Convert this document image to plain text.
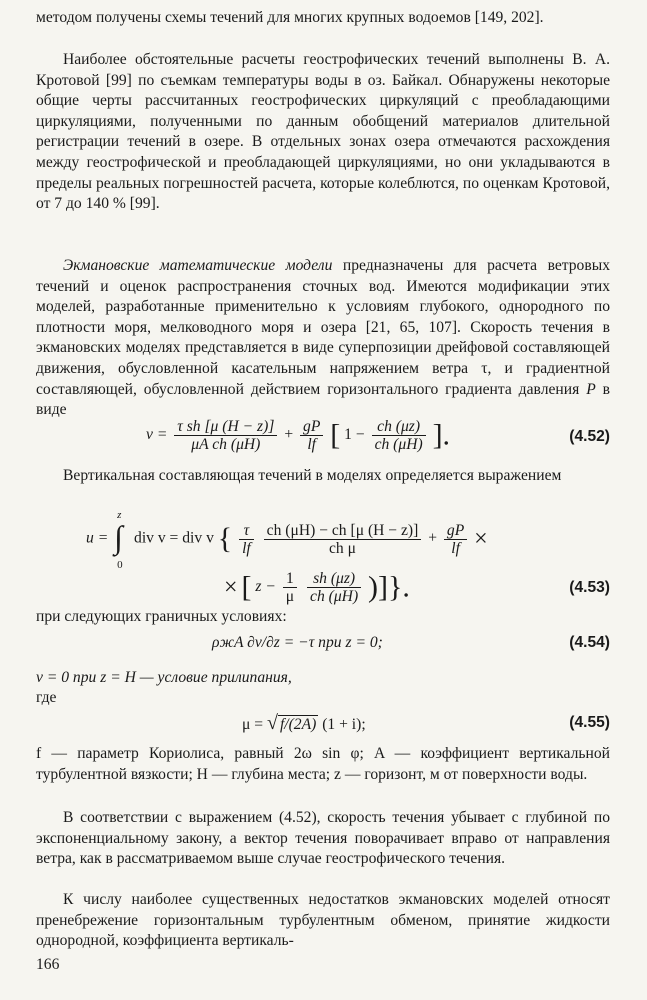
методом получены схемы течений для многих крупных водоемов [149, 202].

Наиболее обстоятельные расчеты геострофических течений выполнены В. А. Кротовой [99] по съемкам температуры воды в оз. Байкал. Обнаружены некоторые общие черты рассчитанных геострофических циркуляций с преобладающими циркуляциями, полученными по данным обобщений материалов длительной регистрации течений в озере. В отдельных зонах озера отмечаются расхождения между геострофической и преобладающей циркуляциями, но они укладываются в пределы реальных погрешностей расчета, которые колеблются, по оценкам Кротовой, от 7 до 140 % [99].

Экмановские математические модели предназначены для расчета ветровых течений и оценок распространения сточных вод. Имеются модификации этих моделей, разработанные применительно к условиям глубокого, однородного по плотности моря, мелководного моря и озера [21, 65, 107]. Скорость течения в экмановских моделях представляется в виде суперпозиции дрейфовой составляющей движения, обусловленной касательным напряжением ветра τ, и градиентной составляющей, обусловленной действием горизонтального градиента давления P в виде

$v = \frac{\text{τ sh [μ (H − z)]}}{\text{μA ch (μH)}} + \frac{gP}{lf}$ [ $1 - \frac{ch (\mu z)}{ch (\mu H)}$ ].	(4.52)

Вертикальная составляющая течений в моделях определяется выражением

u =
z
∫
0
div v = div v { $\frac{\tau}{lf}$
$\frac{ch (\mu H) - ch [\mu (H - z)]}{\text{ch μ}} + \frac{gP}{lf}$ ×
× [ $z - \frac{1}{\mu}$
$\frac{sh (\mu z)}{ch (\mu H)}$ )]}.	(4.53)

при следующих граничных условиях:

ρжA ∂v/∂z = −τ при z = 0;	(4.54)

v = 0 при z = H — условие прилипания,

где

μ = √ f/(2A) (1 + i);	(4.55)

f — параметр Кориолиса, равный 2ω sin φ; A — коэффициент вертикальной турбулентной вязкости; H — глубина места; z — горизонт, м от поверхности воды.

В соответствии с выражением (4.52), скорость течения убывает с глубиной по экспоненциальному закону, а вектор течения поворачивает вправо от направления ветра, как в рассматриваемом выше случае геострофического течения.

К числу наиболее существенных недостатков экмановских моделей относят пренебрежение горизонтальным турбулентным обменом, принятие жидкости однородной, коэффициента вертикаль-

166
